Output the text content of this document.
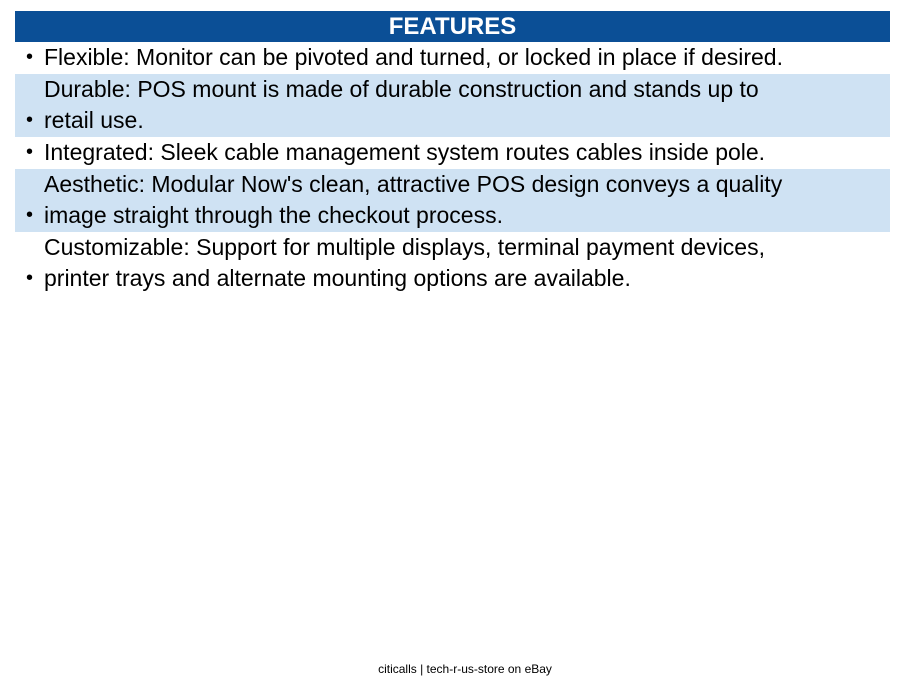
FEATURES
• Flexible: Monitor can be pivoted and turned, or locked in place if desired.
•
Durable: POS mount is made of durable construction and stands up to
retail use.
• Integrated: Sleek cable management system routes cables inside pole.
•
Aesthetic: Modular Now's clean, attractive POS design conveys a quality
image straight through the checkout process.
•
Customizable: Support for multiple displays, terminal payment devices,
printer trays and alternate mounting options are available.
citicalls | tech-r-us-store on eBay
